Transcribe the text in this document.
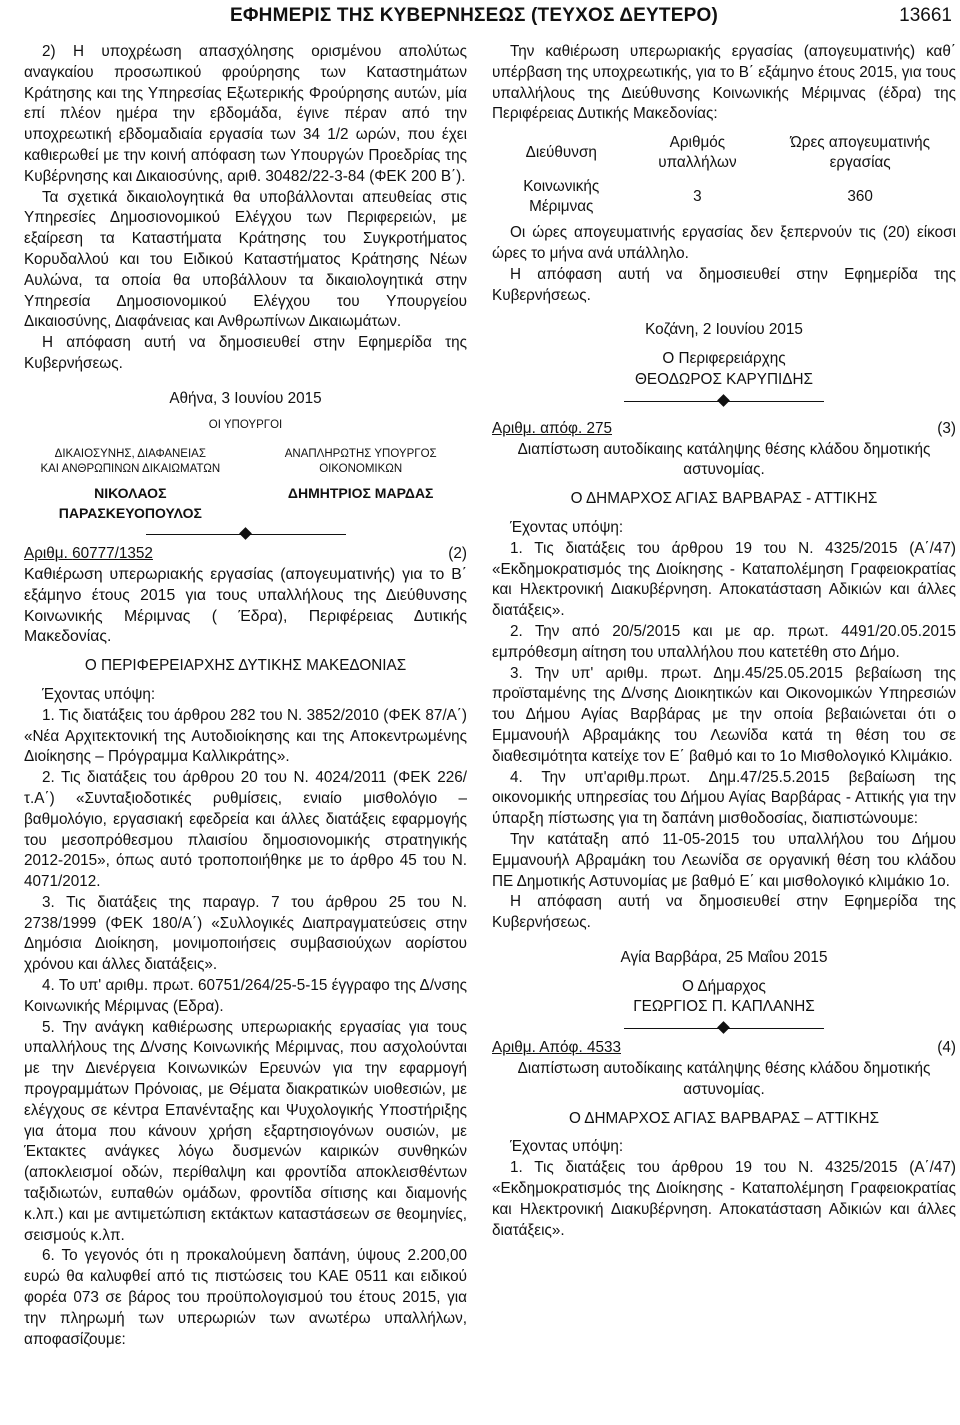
ΕΦΗΜΕΡΙΣ ΤΗΣ ΚΥΒΕΡΝΗΣΕΩΣ (ΤΕΥΧΟΣ ΔΕΥΤΕΡΟ)	13661

2) Η υποχρέωση απασχόλησης ορισμένου απολύτως αναγκαίου προσωπικού φρούρησης των Καταστημάτων Κράτησης και της Υπηρεσίας Εξωτερικής Φρούρησης αυτών, μία επί πλέον ημέρα την εβδομάδα, έγινε πέραν από την υποχρεωτική εβδομαδιαία εργασία των 34 1/2 ωρών, που έχει καθιερωθεί με την κοινή απόφαση των Υπουργών Προεδρίας της Κυβέρνησης και Δικαιοσύνης, αριθ. 30482/22-3-84 (ΦΕΚ 200 Β΄).

Τα σχετικά δικαιολογητικά θα υποβάλλονται απευθείας στις Υπηρεσίες Δημοσιονομικού Ελέγχου των Περιφερειών, με εξαίρεση τα Καταστήματα Κράτησης του Συγκροτήματος Κορυδαλλού και του Ειδικού Καταστήματος Κράτησης Νέων Αυλώνα, τα οποία θα υποβάλλουν τα δικαιολογητικά στην Υπηρεσία Δημοσιονομικού Ελέγχου του Υπουργείου Δικαιοσύνης, Διαφάνειας και Ανθρωπίνων Δικαιωμάτων.

Η απόφαση αυτή να δημοσιευθεί στην Εφημερίδα της Κυβερνήσεως.

Αθήνα, 3 Ιουνίου 2015
ΟΙ ΥΠΟΥΡΓΟΙ
ΔΙΚΑΙΟΣΥΝΗΣ, ΔΙΑΦΑΝΕΙΑΣ
ΚΑΙ ΑΝΘΡΩΠΙΝΩΝ ΔΙΚΑΙΩΜΑΤΩΝ
ΝΙΚΟΛΑΟΣ ΠΑΡΑΣΚΕΥΟΠΟΥΛΟΣ
ΑΝΑΠΛΗΡΩΤΗΣ ΥΠΟΥΡΓΟΣ
ΟΙΚΟΝΟΜΙΚΩΝ
ΔΗΜΗΤΡΙΟΣ ΜΑΡΔΑΣ
Αριθμ. 60777/1352	(2)

Καθιέρωση υπερωριακής εργασίας (απογευματινής) για το Β΄ εξάμηνο έτους 2015 για τους υπαλλήλους της Διεύθυνσης Κοινωνικής Μέριμνας ( Έδρα), Περιφέρειας Δυτικής Μακεδονίας.

Ο ΠΕΡΙΦΕΡΕΙΑΡΧΗΣ ΔΥΤΙΚΗΣ ΜΑΚΕΔΟΝΙΑΣ

Έχοντας υπόψη:

1. Τις διατάξεις του άρθρου 282 του Ν. 3852/2010 (ΦΕΚ 87/Α΄) «Νέα Αρχιτεκτονική της Αυτοδιοίκησης και της Αποκεντρωμένης Διοίκησης – Πρόγραμμα Καλλικράτης».

2. Τις διατάξεις του άρθρου 20 του Ν. 4024/2011 (ΦΕΚ 226/τ.Α΄) «Συνταξιοδοτικές ρυθμίσεις, ενιαίο μισθολόγιο – βαθμολόγιο, εργασιακή εφεδρεία και άλλες διατάξεις εφαρμογής του μεσοπρόθεσμου πλαισίου δημοσιονομικής στρατηγικής 2012-2015», όπως αυτό τροποποιήθηκε με το άρθρο 45 του Ν. 4071/2012.

3. Τις διατάξεις της παραγρ. 7 του άρθρου 25 του Ν. 2738/1999 (ΦΕΚ 180/Α΄) «Συλλογικές Διαπραγματεύσεις στην Δημόσια Διοίκηση, μονιμοποιήσεις συμβασιούχων αορίστου χρόνου και άλλες διατάξεις».

4. Το υπ' αριθμ. πρωτ. 60751/264/25-5-15 έγγραφο της Δ/νσης Κοινωνικής Μέριμνας (Εδρα).

5. Την ανάγκη καθιέρωσης υπερωριακής εργασίας για τους υπαλλήλους της Δ/νσης Κοινωνικής Μέριμνας, που ασχολούνται με την Διενέργεια Κοινωνικών Ερευνών για την εφαρμογή προγραμμάτων Πρόνοιας, με Θέματα διακρατικών υιοθεσιών, με ελέγχους σε κέντρα Επανένταξης και Ψυχολογικής Υποστήριξης για άτομα που κάνουν χρήση εξαρτησιογόνων ουσιών, με Έκτακτες ανάγκες λόγω δυσμενών καιρικών συνθηκών (αποκλεισμοί οδών, περίθαλψη και φροντίδα αποκλεισθέντων ταξιδιωτών, ευπαθών ομάδων, φροντίδα σίτισης και διαμονής κ.λπ.) και με αντιμετώπιση εκτάκτων καταστάσεων σε θεομηνίες, σεισμούς κ.λπ.

6. Το γεγονός ότι η προκαλούμενη δαπάνη, ύψους 2.200,00 ευρώ θα καλυφθεί από τις πιστώσεις του ΚΑΕ 0511 και ειδικού φορέα 073 σε βάρος του προϋπολογισμού του έτους 2015, για την πληρωμή των υπερωριών των ανωτέρω υπαλλήλων, αποφασίζουμε:

Την καθιέρωση υπερωριακής εργασίας (απογευματινής) καθ΄ υπέρβαση της υποχρεωτικής, για το Β΄ εξάμηνο έτους 2015, για τους υπαλλήλους της Διεύθυνσης Κοινωνικής Μέριμνας (έδρα) της Περιφέρειας Δυτικής Μακεδονίας:

Διεύθυνση	Αριθμός υπαλλήλων	Ώρες απογευματινής εργασίας
Κοινωνικής Μέριμνας	3	360

Οι ώρες απογευματινής εργασίας δεν ξεπερνούν τις (20) είκοσι ώρες το μήνα ανά υπάλληλο.

Η απόφαση αυτή να δημοσιευθεί στην Εφημερίδα της Κυβερνήσεως.

Κοζάνη, 2 Ιουνίου 2015
Ο Περιφερειάρχης
ΘΕΟΔΩΡΟΣ ΚΑΡΥΠΙΔΗΣ
Αριθμ. απόφ. 275	(3)

Διαπίστωση αυτοδίκαιης κατάληψης θέσης κλάδου δημοτικής αστυνομίας.

Ο ΔΗΜΑΡΧΟΣ ΑΓΙΑΣ ΒΑΡΒΑΡΑΣ - ΑΤΤΙΚΗΣ

Έχοντας υπόψη:

1. Τις διατάξεις του άρθρου 19 του Ν. 4325/2015 (Α΄/47) «Εκδημοκρατισμός της Διοίκησης - Καταπολέμηση Γραφειοκρατίας και Ηλεκτρονική Διακυβέρνηση. Αποκατάσταση Αδικιών και άλλες διατάξεις».

2. Την από 20/5/2015 και με αρ. πρωτ. 4491/20.05.2015 εμπρόθεσμη αίτηση του υπαλλήλου που κατετέθη στο Δήμο.

3. Την υπ' αριθμ. πρωτ. Δημ.45/25.05.2015 βεβαίωση της προϊσταμένης της Δ/νσης Διοικητικών και Οικονομικών Υπηρεσιών του Δήμου Αγίας Βαρβάρας με την οποία βεβαιώνεται ότι ο Εμμανουήλ Αβραμάκης του Λεωνίδα κατά τη θέση του σε διαθεσιμότητα κατείχε τον Ε΄ βαθμό και το 1ο Μισθολογικό Κλιμάκιο.

4. Την υπ'αριθμ.πρωτ. Δημ.47/25.5.2015 βεβαίωση της οικονομικής υπηρεσίας του Δήμου Αγίας Βαρβάρας - Αττικής για την ύπαρξη πίστωσης για τη δαπάνη μισθοδοσίας, διαπιστώνουμε:

Την κατάταξη από 11-05-2015 του υπαλλήλου του Δήμου Εμμανουήλ Αβραμάκη του Λεωνίδα σε οργανική θέση του κλάδου ΠΕ Δημοτικής Αστυνομίας με βαθμό Ε΄ και μισθολογικό κλιμάκιο 1ο.

Η απόφαση αυτή να δημοσιευθεί στην Εφημερίδα της Κυβερνήσεως.

Αγία Βαρβάρα, 25 Μαΐου 2015
Ο Δήμαρχος
ΓΕΩΡΓΙΟΣ Π. ΚΑΠΛΑΝΗΣ
Αριθμ. Απόφ. 4533	(4)

Διαπίστωση αυτοδίκαιης κατάληψης θέσης κλάδου δημοτικής αστυνομίας.

Ο ΔΗΜΑΡΧΟΣ ΑΓΙΑΣ ΒΑΡΒΑΡΑΣ – ΑΤΤΙΚΗΣ

Έχοντας υπόψη:

1. Τις διατάξεις του άρθρου 19 του Ν. 4325/2015 (Α΄/47) «Εκδημοκρατισμός της Διοίκησης - Καταπολέμηση Γραφειοκρατίας και Ηλεκτρονική Διακυβέρνηση. Αποκατάσταση Αδικιών και άλλες διατάξεις».
